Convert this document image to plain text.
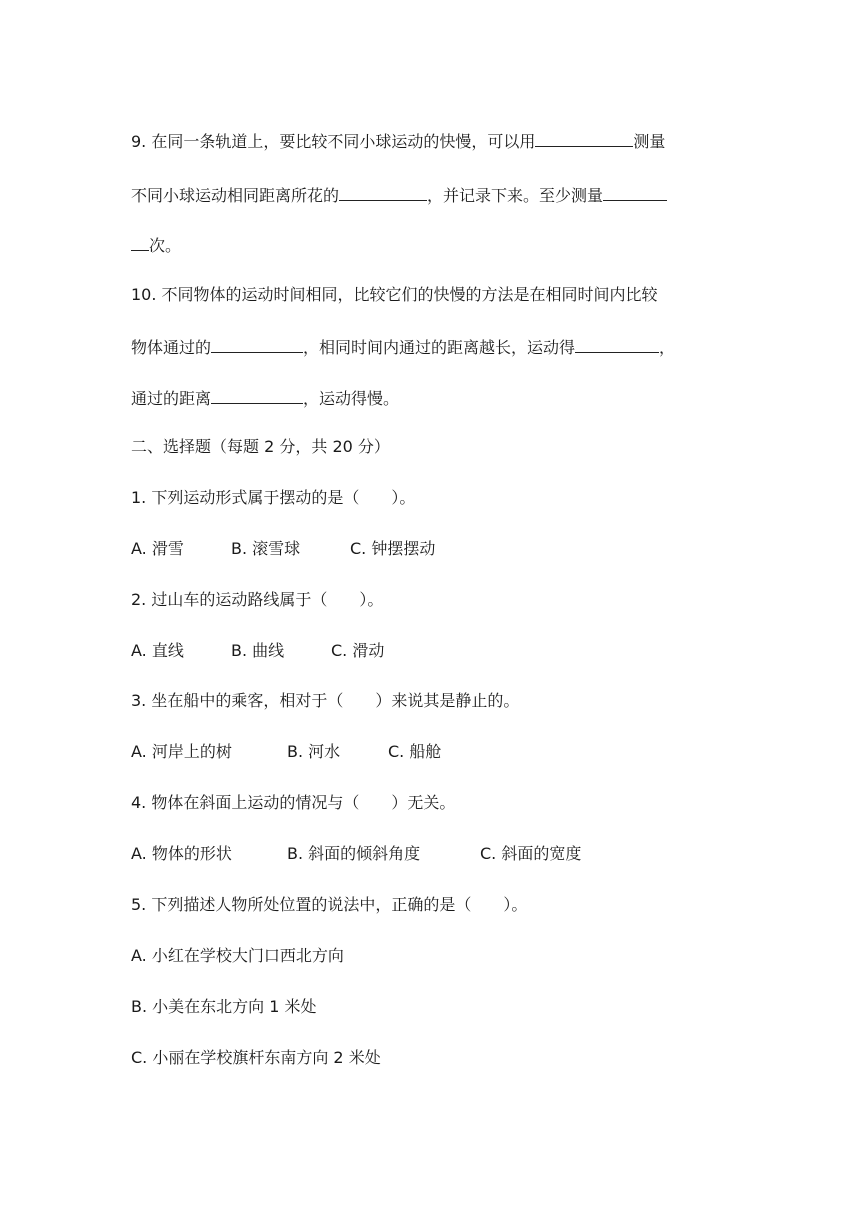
9. 在同一条轨道上，要比较不同小球运动的快慢，可以用	测量
不同小球运动相同距离所花的	，并记录下来。至少测量
次。
10. 不同物体的运动时间相同，比较它们的快慢的方法是在相同时间内比较
物体通过的	，相同时间内通过的距离越长，运动得	，
通过的距离	，运动得慢。
二、选择题（每题 2 分，共 20 分）
1. 下列运动形式属于摆动的是（　　）。
A. 滑雪	B. 滚雪球	C. 钟摆摆动
2. 过山车的运动路线属于（　　）。
A. 直线	B. 曲线	C. 滑动
3. 坐在船中的乘客，相对于（　　）来说其是静止的。
A. 河岸上的树	B. 河水	C. 船舱
4. 物体在斜面上运动的情况与（　　）无关。
A. 物体的形状	B. 斜面的倾斜角度	C. 斜面的宽度
5. 下列描述人物所处位置的说法中，正确的是（　　）。
A. 小红在学校大门口西北方向
B. 小美在东北方向 1 米处
C. 小丽在学校旗杆东南方向 2 米处
